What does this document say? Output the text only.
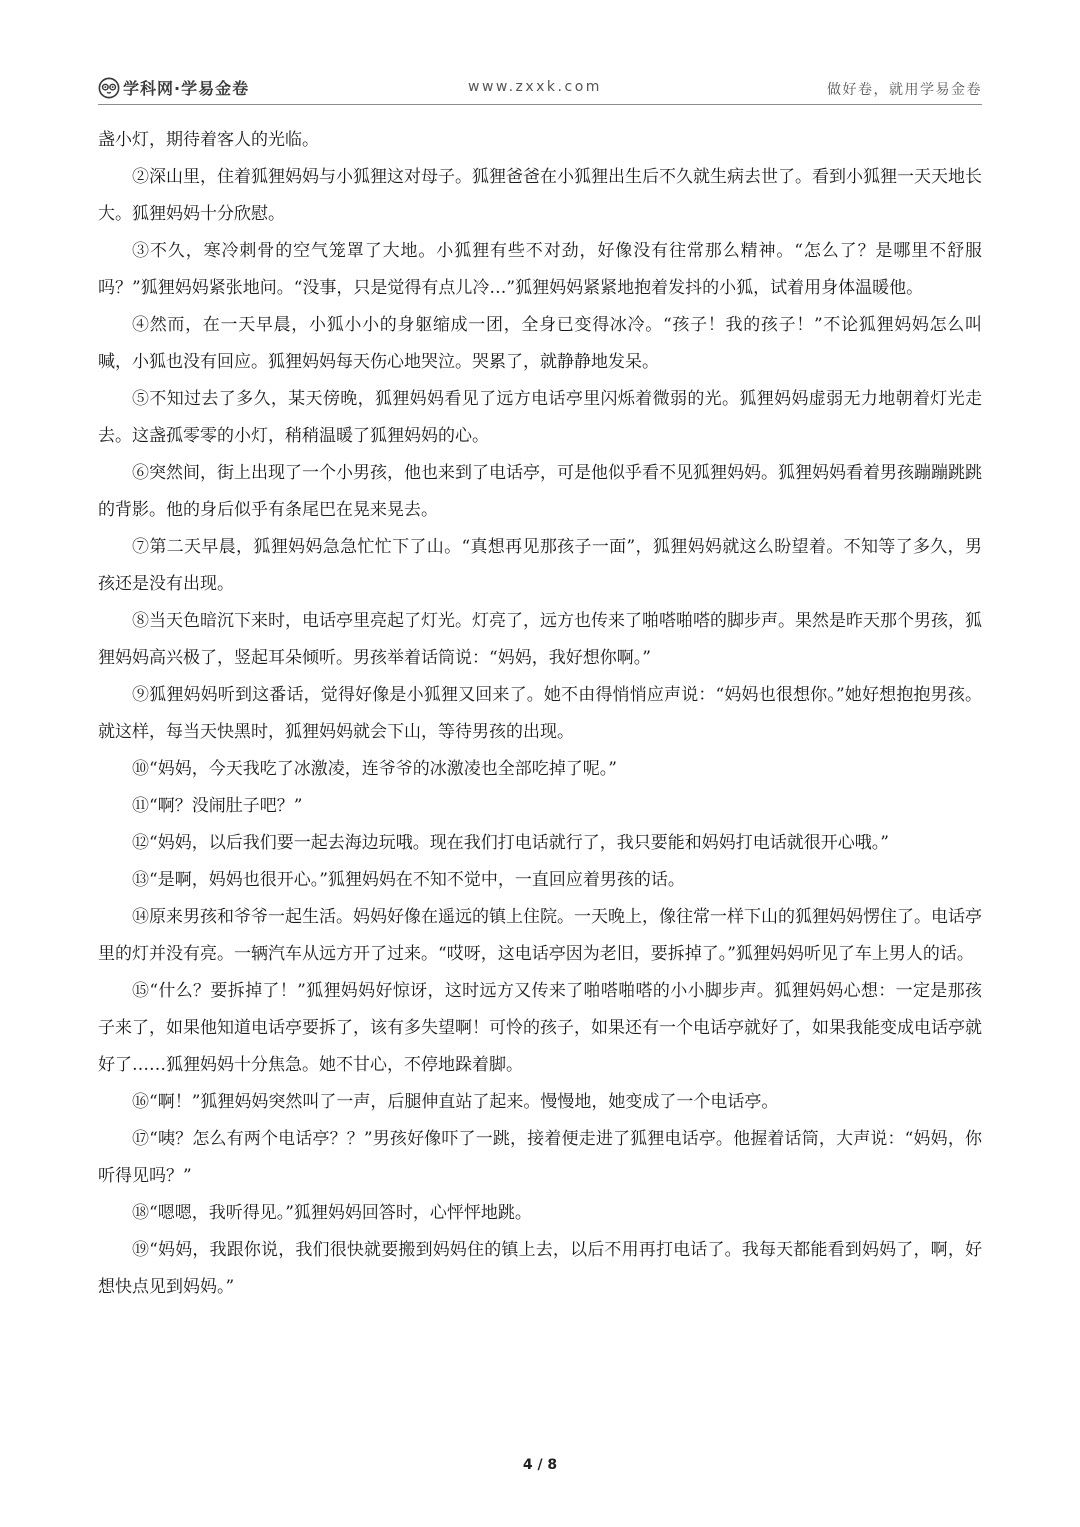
学科网·学易金卷	www.zxxk.com	做好卷，就用学易金卷

盏小灯，期待着客人的光临。

②深山里，住着狐狸妈妈与小狐狸这对母子。狐狸爸爸在小狐狸出生后不久就生病去世了。看到小狐狸一天天地长大。狐狸妈妈十分欣慰。

③不久，寒冷刺骨的空气笼罩了大地。小狐狸有些不对劲，好像没有往常那么精神。“怎么了？是哪里不舒服吗？”狐狸妈妈紧张地问。“没事，只是觉得有点儿冷…”狐狸妈妈紧紧地抱着发抖的小狐，试着用身体温暖他。

④然而，在一天早晨，小狐小小的身躯缩成一团，全身已变得冰冷。“孩子！我的孩子！”不论狐狸妈妈怎么叫喊，小狐也没有回应。狐狸妈妈每天伤心地哭泣。哭累了，就静静地发呆。

⑤不知过去了多久，某天傍晚，狐狸妈妈看见了远方电话亭里闪烁着微弱的光。狐狸妈妈虚弱无力地朝着灯光走去。这盏孤零零的小灯，稍稍温暖了狐狸妈妈的心。

⑥突然间，街上出现了一个小男孩，他也来到了电话亭，可是他似乎看不见狐狸妈妈。狐狸妈妈看着男孩蹦蹦跳跳的背影。他的身后似乎有条尾巴在晃来晃去。

⑦第二天早晨，狐狸妈妈急急忙忙下了山。“真想再见那孩子一面”，狐狸妈妈就这么盼望着。不知等了多久，男孩还是没有出现。

⑧当天色暗沉下来时，电话亭里亮起了灯光。灯亮了，远方也传来了啪嗒啪嗒的脚步声。果然是昨天那个男孩，狐狸妈妈高兴极了，竖起耳朵倾听。男孩举着话筒说：“妈妈，我好想你啊。”

⑨狐狸妈妈听到这番话，觉得好像是小狐狸又回来了。她不由得悄悄应声说：“妈妈也很想你。”她好想抱抱男孩。就这样，每当天快黑时，狐狸妈妈就会下山，等待男孩的出现。

⑩“妈妈，今天我吃了冰激凌，连爷爷的冰激凌也全部吃掉了呢。”

⑪“啊？没闹肚子吧？”

⑫“妈妈，以后我们要一起去海边玩哦。现在我们打电话就行了，我只要能和妈妈打电话就很开心哦。”

⑬“是啊，妈妈也很开心。”狐狸妈妈在不知不觉中，一直回应着男孩的话。

⑭原来男孩和爷爷一起生活。妈妈好像在遥远的镇上住院。一天晚上，像往常一样下山的狐狸妈妈愣住了。电话亭里的灯并没有亮。一辆汽车从远方开了过来。“哎呀，这电话亭因为老旧，要拆掉了。”狐狸妈妈听见了车上男人的话。

⑮“什么？要拆掉了！”狐狸妈妈好惊讶，这时远方又传来了啪嗒啪嗒的小小脚步声。狐狸妈妈心想：一定是那孩子来了，如果他知道电话亭要拆了，该有多失望啊！可怜的孩子，如果还有一个电话亭就好了，如果我能变成电话亭就好了……狐狸妈妈十分焦急。她不甘心，不停地跺着脚。

⑯“啊！”狐狸妈妈突然叫了一声，后腿伸直站了起来。慢慢地，她变成了一个电话亭。

⑰“咦？怎么有两个电话亭？？”男孩好像吓了一跳，接着便走进了狐狸电话亭。他握着话筒，大声说：“妈妈，你听得见吗？”

⑱“嗯嗯，我听得见。”狐狸妈妈回答时，心怦怦地跳。

⑲“妈妈，我跟你说，我们很快就要搬到妈妈住的镇上去，以后不用再打电话了。我每天都能看到妈妈了，啊，好想快点见到妈妈。”

4 / 8
